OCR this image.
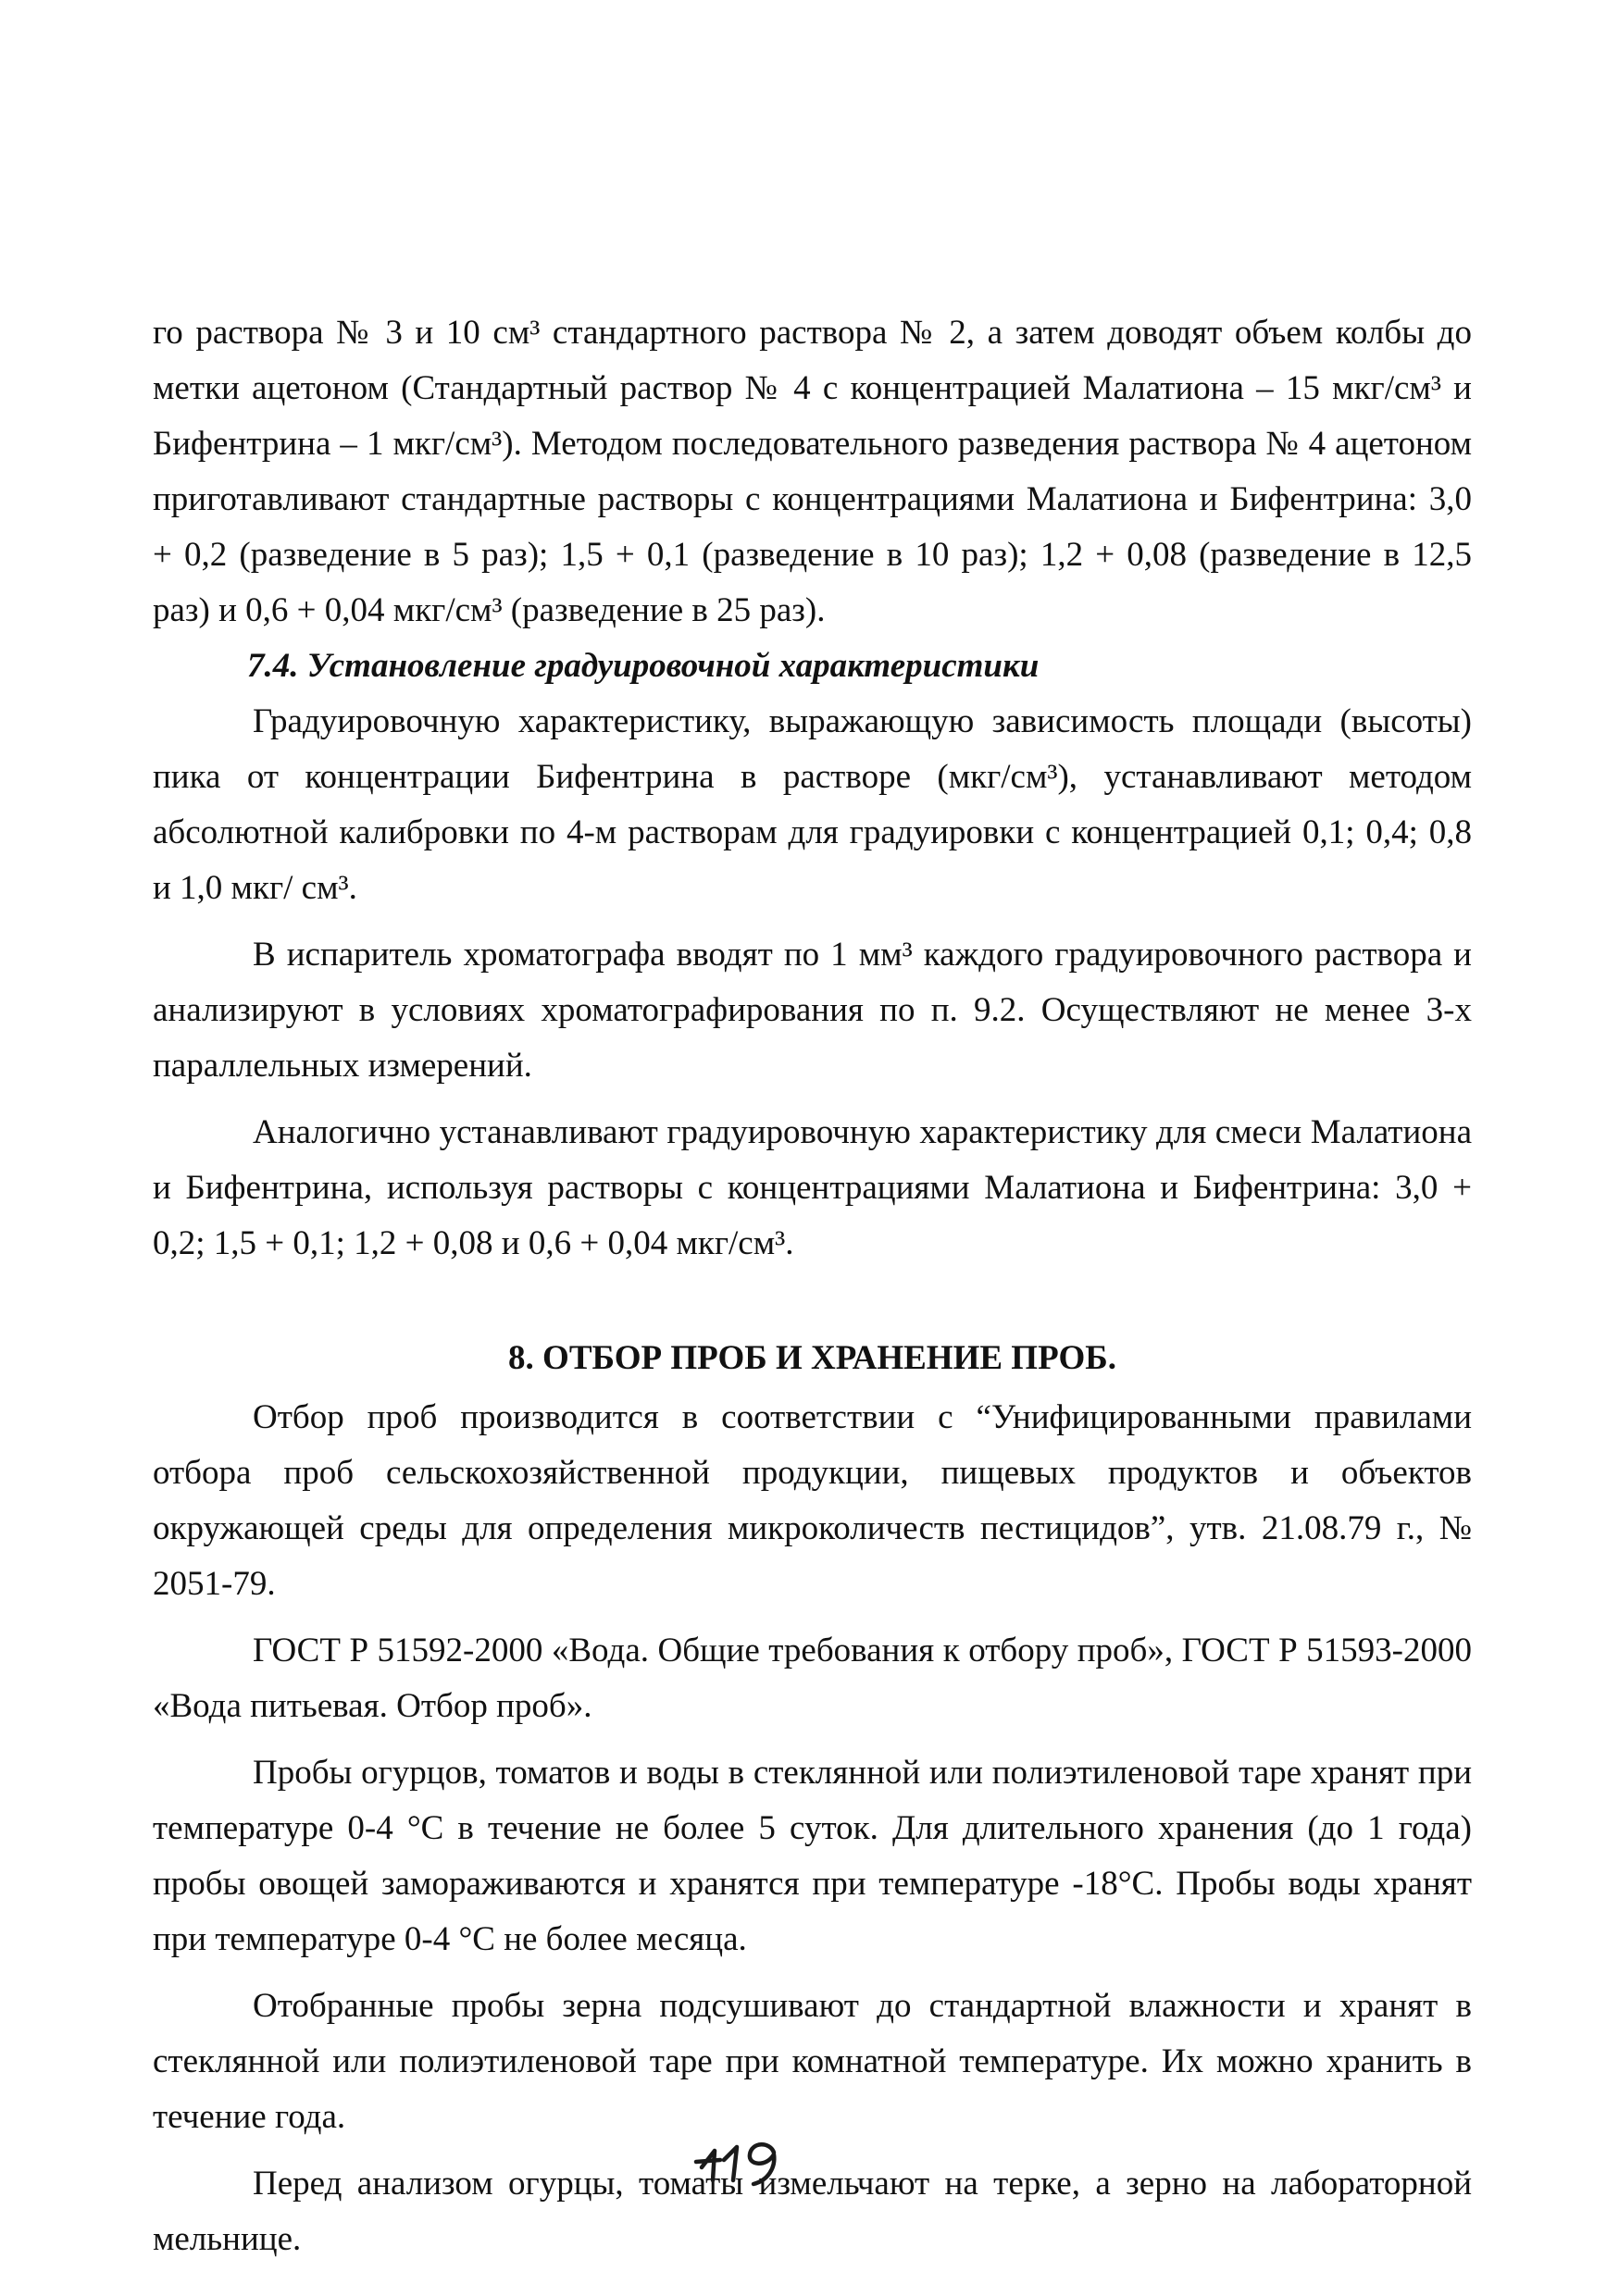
го раствора № 3 и 10 см³ стандартного раствора № 2, а затем доводят объем колбы до метки ацетоном (Стандартный раствор № 4 с концентрацией Малатиона – 15 мкг/см³ и Бифентрина – 1 мкг/см³). Методом последовательного разведения раствора № 4 ацетоном приготавливают стандартные растворы с концентрациями Малатиона и Бифентрина: 3,0 + 0,2 (разведение в 5 раз); 1,5 + 0,1 (разведение в 10 раз); 1,2 + 0,08 (разведение в 12,5 раз) и 0,6 + 0,04 мкг/см³ (разведение в 25 раз).

7.4. Установление градуировочной характеристики

Градуировочную характеристику, выражающую зависимость площади (высоты) пика от концентрации Бифентрина в растворе (мкг/см³), устанавливают методом абсолютной калибровки по 4-м растворам для градуировки с концентрацией 0,1; 0,4; 0,8 и 1,0 мкг/ см³.

В испаритель хроматографа вводят по 1 мм³ каждого градуировочного раствора и анализируют в условиях хроматографирования по п. 9.2. Осуществляют не менее 3-х параллельных измерений.

Аналогично устанавливают градуировочную характеристику для смеси Малатиона и Бифентрина, используя растворы с концентрациями Малатиона и Бифентрина: 3,0 + 0,2; 1,5 + 0,1; 1,2 + 0,08 и 0,6 + 0,04 мкг/см³.

8. ОТБОР ПРОБ И ХРАНЕНИЕ ПРОБ.

Отбор проб производится в соответствии с “Унифицированными правилами отбора проб сельскохозяйственной продукции, пищевых продуктов и объектов окружающей среды для определения микроколичеств пестицидов”, утв. 21.08.79 г., № 2051-79.

ГОСТ Р 51592-2000 «Вода. Общие требования к отбору проб», ГОСТ Р 51593-2000 «Вода питьевая. Отбор проб».

Пробы огурцов, томатов и воды в стеклянной или полиэтиленовой таре хранят при температуре 0-4 °С в течение не более 5 суток. Для длительного хранения (до 1 года) пробы овощей замораживаются и хранятся при температуре -18°С. Пробы воды хранят при температуре 0-4 °С не более месяца.

Отобранные пробы зерна подсушивают до стандартной влажности и хранят в стеклянной или полиэтиленовой таре при комнатной температуре. Их можно хранить в течение года.

Перед анализом огурцы, томаты измельчают на терке, а зерно на лабораторной мельнице.
